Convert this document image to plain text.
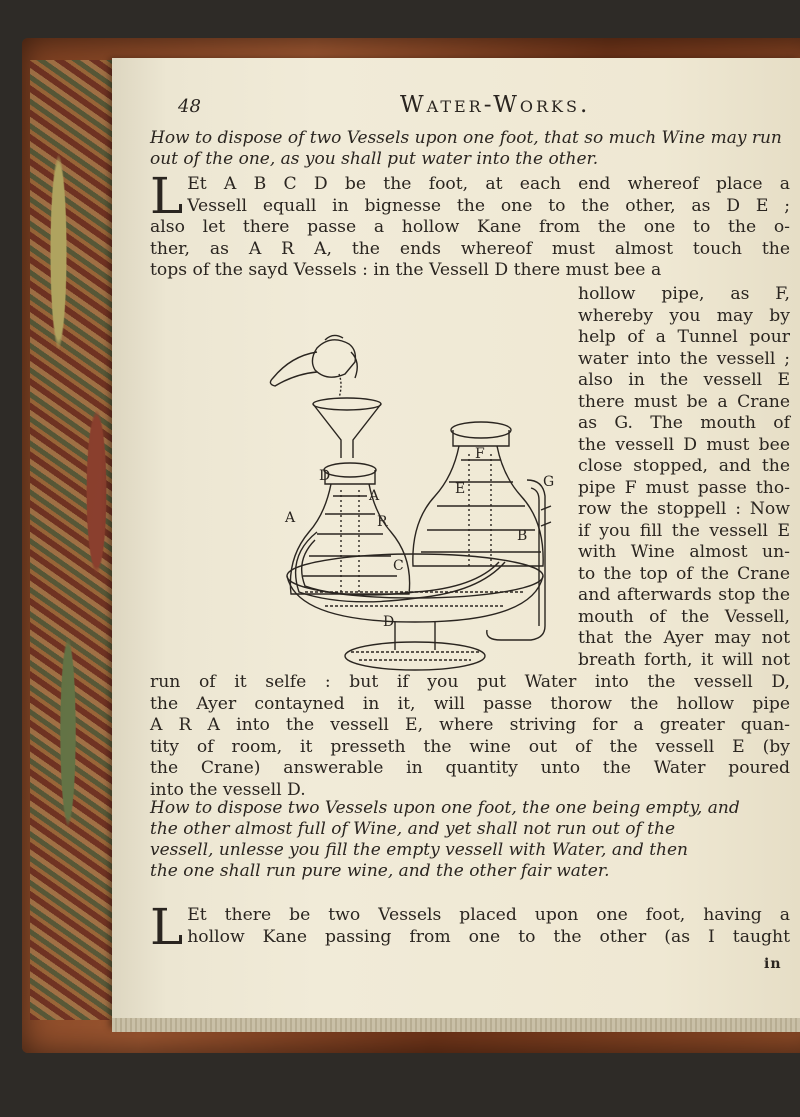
48	Water-Works.
How to dispose of two Vessels upon one foot, that so much Wine may run out of the one, as you shall put water into the other.
L Et A B C D be the foot, at each end whereof place a
Vessell equall in bignesse the one to the other, as D E ;
also let there passe a hollow Kane from the one to the o-
ther, as A R A, the ends whereof must almost touch the
tops of the sayd Vessels : in the Vessell D there must bee a
hollow pipe, as F,
whereby you may by
help of a Tunnel pour
water into the vessell ;
also in the vessell E
there must be a Crane
as G. The mouth of
the vessell D must bee
close stopped, and the
pipe F must passe tho-
row the stoppell : Now
if you fill the vessell E
with Wine almost un-
to the top of the Crane
and afterwards stop the
mouth of the Vessell,
that the Ayer may not
breath forth, it will not
D
A	E
F
G
A	R
B
C
D
run of it selfe : but if you put Water into the vessell D,
the Ayer contayned in it, will passe thorow the hollow pipe
A R A into the vessell E, where striving for a greater quan-
tity of room, it presseth the wine out of the vessell E (by
the Crane) answerable in quantity unto the Water poured
into the vessell D.
How to dispose two Vessels upon one foot, the one being empty, and
the other almost full of Wine, and yet shall not run out of the
vessell, unlesse you fill the empty vessell with Water, and then
the one shall run pure wine, and the other fair water.
L Et there be two Vessels placed upon one foot, having a
hollow Kane passing from one to the other (as I taught
in
